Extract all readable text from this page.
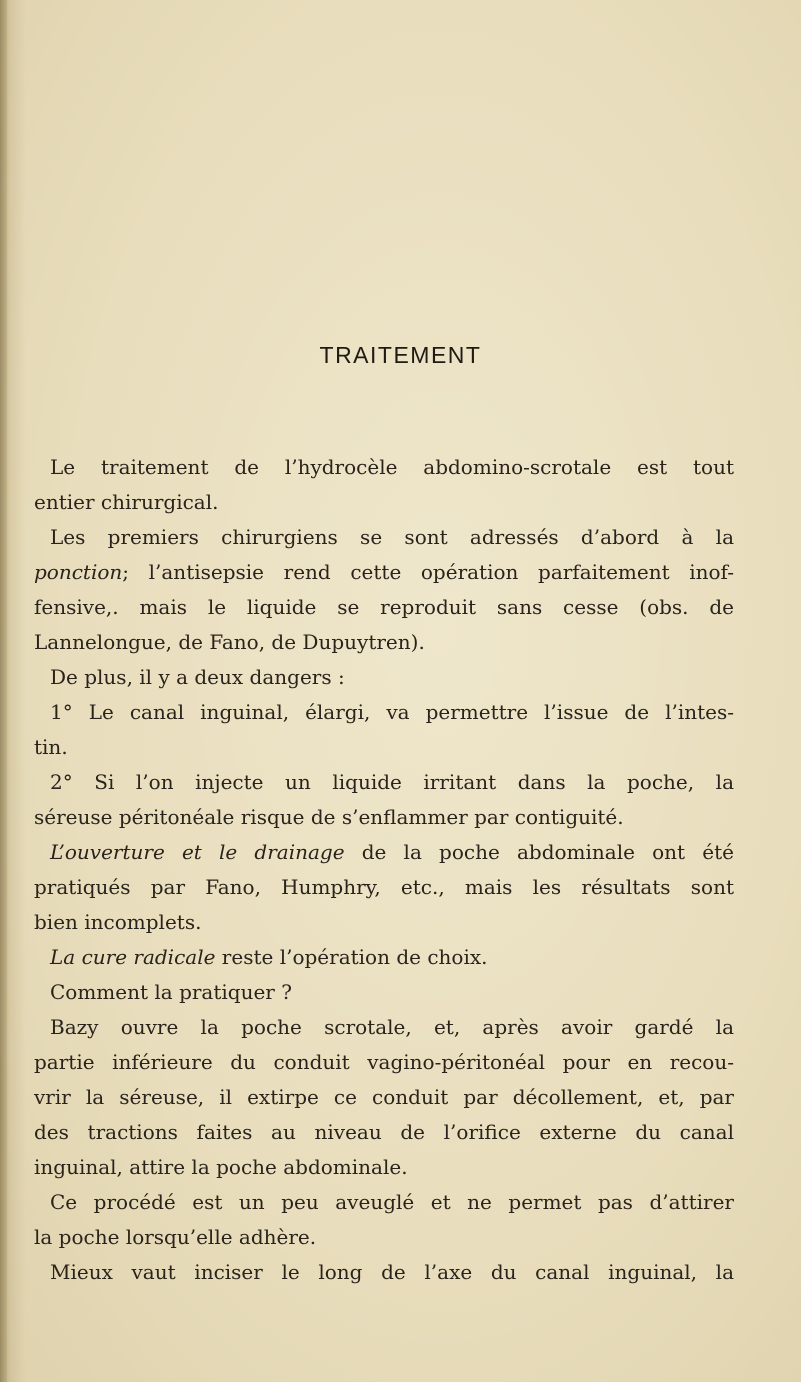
TRAITEMENT
Le traitement de l’hydrocèle abdomino-scrotale est tout
entier chirurgical.
Les premiers chirurgiens se sont adressés d’abord à la
ponction; l’antisepsie rend cette opération parfaitement inof-
fensive,. mais le liquide se reproduit sans cesse (obs. de
Lannelongue, de Fano, de Dupuytren).
De plus, il y a deux dangers :
1° Le canal inguinal, élargi, va permettre l’issue de l’intes-
tin.
2° Si l’on injecte un liquide irritant dans la poche, la
séreuse péritonéale risque de s’enflammer par contiguité.
L’ouverture et le drainage de la poche abdominale ont été
pratiqués par Fano, Humphry, etc., mais les résultats sont
bien incomplets.
La cure radicale reste l’opération de choix.
Comment la pratiquer ?
Bazy ouvre la poche scrotale, et, après avoir gardé la
partie inférieure du conduit vagino-péritonéal pour en recou-
vrir la séreuse, il extirpe ce conduit par décollement, et, par
des tractions faites au niveau de l’orifice externe du canal
inguinal, attire la poche abdominale.
Ce procédé est un peu aveuglé et ne permet pas d’attirer
la poche lorsqu’elle adhère.
Mieux vaut inciser le long de l’axe du canal inguinal, la
